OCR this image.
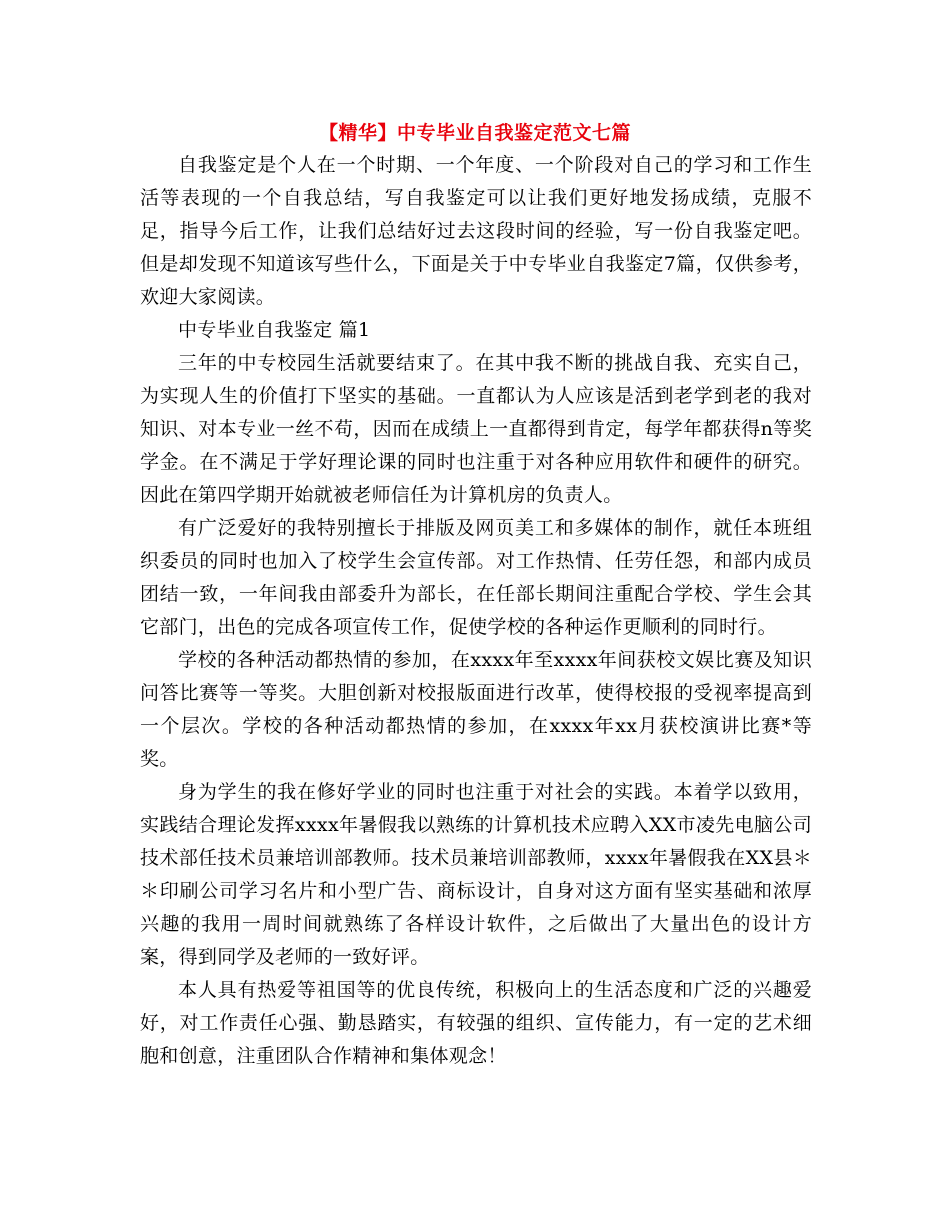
【精华】中专毕业自我鉴定范文七篇

自我鉴定是个人在一个时期、一个年度、一个阶段对自己的学习和工作生活等表现的一个自我总结，写自我鉴定可以让我们更好地发扬成绩，克服不足，指导今后工作，让我们总结好过去这段时间的经验，写一份自我鉴定吧。但是却发现不知道该写些什么，下面是关于中专毕业自我鉴定7篇，仅供参考，欢迎大家阅读。

中专毕业自我鉴定 篇1

三年的中专校园生活就要结束了。在其中我不断的挑战自我、充实自己，为实现人生的价值打下坚实的基础。一直都认为人应该是活到老学到老的我对知识、对本专业一丝不苟，因而在成绩上一直都得到肯定，每学年都获得n等奖学金。在不满足于学好理论课的同时也注重于对各种应用软件和硬件的研究。因此在第四学期开始就被老师信任为计算机房的负责人。

有广泛爱好的我特别擅长于排版及网页美工和多媒体的制作，就任本班组织委员的同时也加入了校学生会宣传部。对工作热情、任劳任怨，和部内成员团结一致，一年间我由部委升为部长，在任部长期间注重配合学校、学生会其它部门，出色的完成各项宣传工作，促使学校的各种运作更顺利的同时行。

学校的各种活动都热情的参加，在xxxx年至xxxx年间获校文娱比赛及知识问答比赛等一等奖。大胆创新对校报版面进行改革，使得校报的受视率提高到一个层次。学校的各种活动都热情的参加，在xxxx年xx月获校演讲比赛*等奖。

身为学生的我在修好学业的同时也注重于对社会的实践。本着学以致用，实践结合理论发挥xxxx年暑假我以熟练的计算机技术应聘入XX市凌先电脑公司技术部任技术员兼培训部教师。技术员兼培训部教师，xxxx年暑假我在XX县＊＊印刷公司学习名片和小型广告、商标设计，自身对这方面有坚实基础和浓厚兴趣的我用一周时间就熟练了各样设计软件，之后做出了大量出色的设计方案，得到同学及老师的一致好评。

本人具有热爱等祖国等的优良传统，积极向上的生活态度和广泛的兴趣爱好，对工作责任心强、勤恳踏实，有较强的组织、宣传能力，有一定的艺术细胞和创意，注重团队合作精神和集体观念！
